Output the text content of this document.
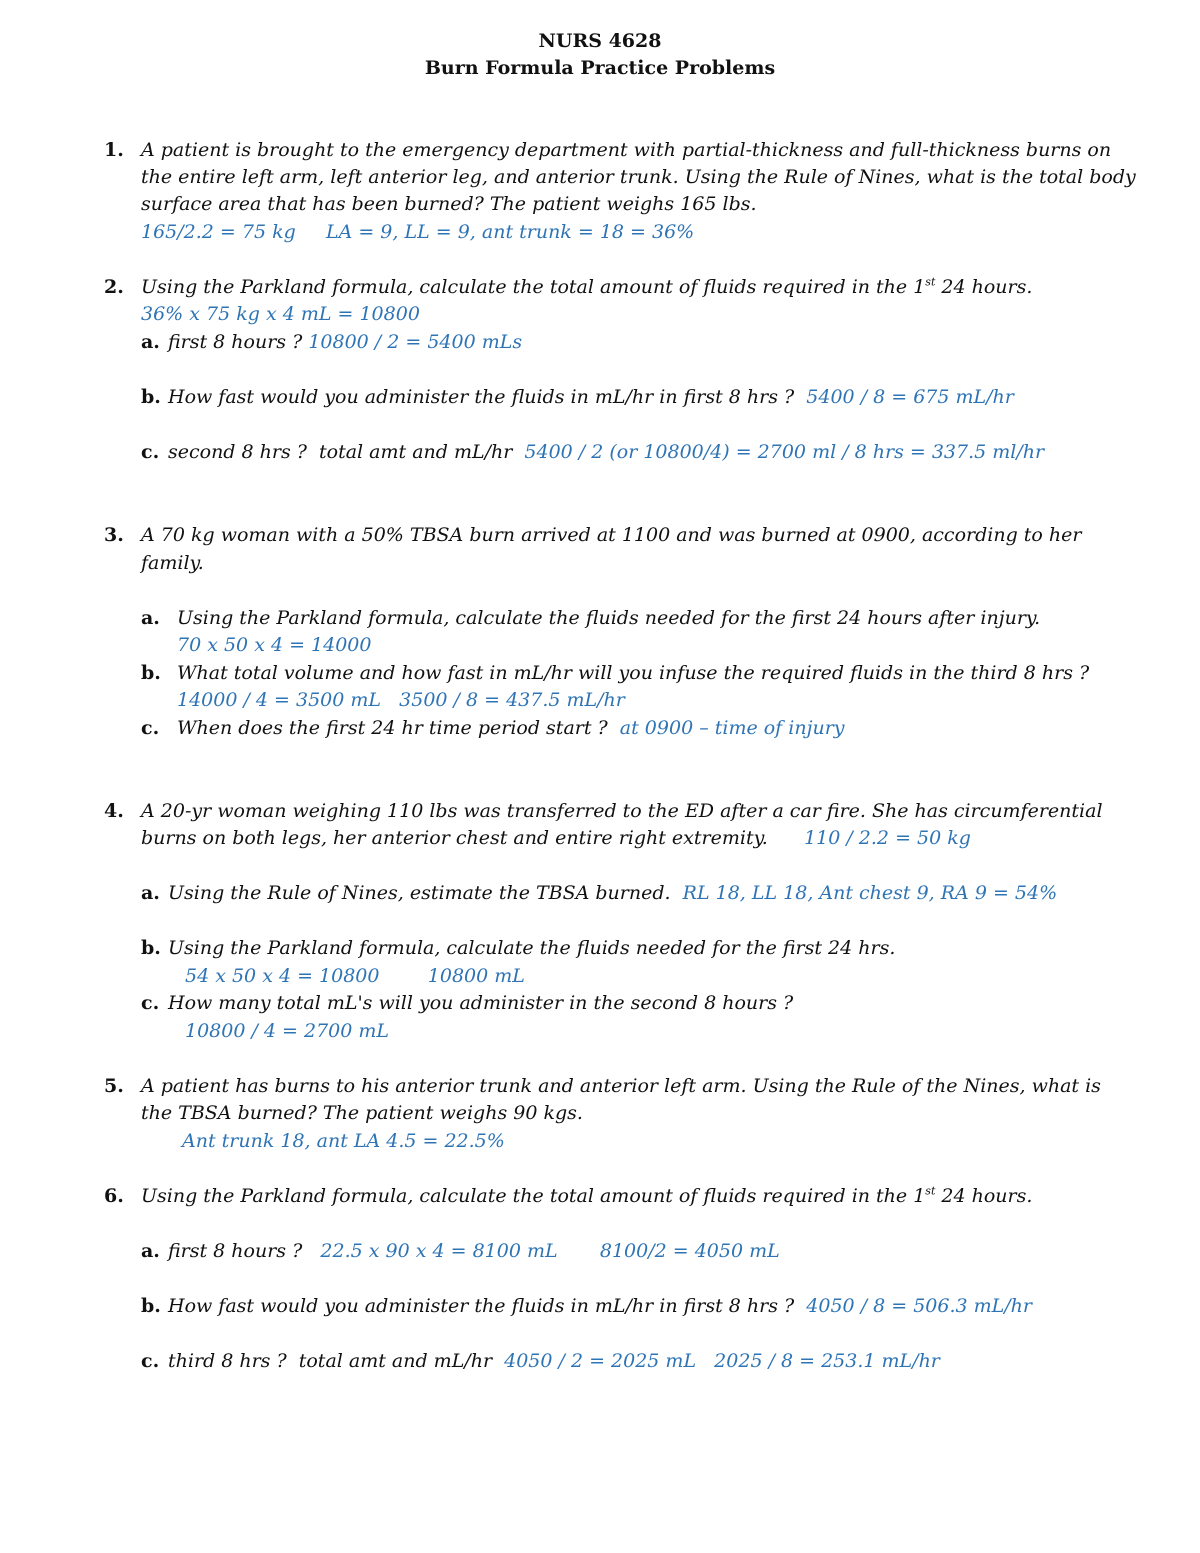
NURS 4628
Burn Formula Practice Problems
1. A patient is brought to the emergency department with partial-thickness and full-thickness burns on
the entire left arm, left anterior leg, and anterior trunk. Using the Rule of Nines, what is the total body
surface area that has been burned? The patient weighs 165 lbs.
165/2.2 = 75 kg     LA = 9, LL = 9, ant trunk = 18 = 36%
2. Using the Parkland formula, calculate the total amount of fluids required in the 1st 24 hours.
36% x 75 kg x 4 mL = 10800
a. first 8 hours ? 10800 / 2 = 5400 mLs
b. How fast would you administer the fluids in mL/hr in first 8 hrs ?  5400 / 8 = 675 mL/hr
c. second 8 hrs ?  total amt and mL/hr  5400 / 2 (or 10800/4) = 2700 ml / 8 hrs = 337.5 ml/hr
3. A 70 kg woman with a 50% TBSA burn arrived at 1100 and was burned at 0900, according to her
family.
a. Using the Parkland formula, calculate the fluids needed for the first 24 hours after injury.
70 x 50 x 4 = 14000
b. What total volume and how fast in mL/hr will you infuse the required fluids in the third 8 hrs ?
14000 / 4 = 3500 mL   3500 / 8 = 437.5 mL/hr
c. When does the first 24 hr time period start ?  at 0900 – time of injury
4. A 20-yr woman weighing 110 lbs was transferred to the ED after a car fire. She has circumferential
burns on both legs, her anterior chest and entire right extremity.      110 / 2.2 = 50 kg
a. Using the Rule of Nines, estimate the TBSA burned.  RL 18, LL 18, Ant chest 9, RA 9 = 54%
b. Using the Parkland formula, calculate the fluids needed for the first 24 hrs.
54 x 50 x 4 = 10800        10800 mL
c. How many total mL's will you administer in the second 8 hours ?
10800 / 4 = 2700 mL
5. A patient has burns to his anterior trunk and anterior left arm. Using the Rule of the Nines, what is
the TBSA burned? The patient weighs 90 kgs.
Ant trunk 18, ant LA 4.5 = 22.5%
6. Using the Parkland formula, calculate the total amount of fluids required in the 1st 24 hours.
a. first 8 hours ?   22.5 x 90 x 4 = 8100 mL       8100/2 = 4050 mL
b. How fast would you administer the fluids in mL/hr in first 8 hrs ?  4050 / 8 = 506.3 mL/hr
c. third 8 hrs ?  total amt and mL/hr  4050 / 2 = 2025 mL   2025 / 8 = 253.1 mL/hr
